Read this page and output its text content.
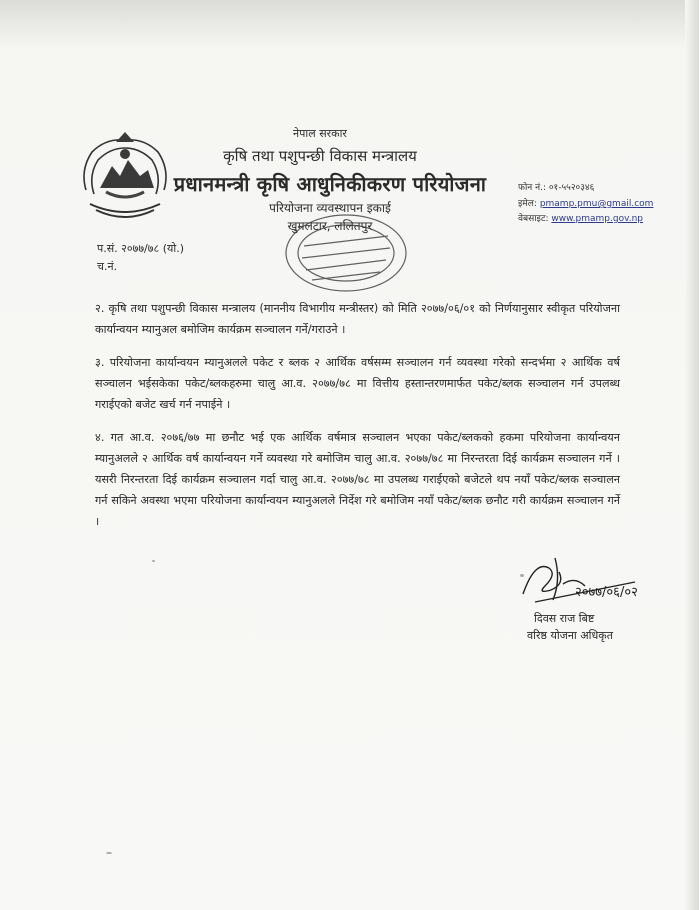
नेपाल सरकार
कृषि तथा पशुपन्छी विकास मन्त्रालय
प्रधानमन्त्री कृषि आधुनिकीकरण परियोजना
परियोजना व्यवस्थापन इकाई
खुमलटार, ललितपुर
फोन नं.: ०१-५५२०३४६
इमेल: pmamp.pmu@gmail.com
वेबसाइट: www.pmamp.gov.np
प.सं. २०७७/७८ (यो.)
च.नं.
२. कृषि तथा पशुपन्छी विकास मन्त्रालय (माननीय विभागीय मन्त्रीस्तर) को मिति २०७७/०६/०१ को निर्णयानुसार स्वीकृत परियोजना कार्यान्वयन म्यानुअल बमोजिम कार्यक्रम सञ्चालन गर्ने/गराउने ।
३. परियोजना कार्यान्वयन म्यानुअलले पकेट र ब्लक २ आर्थिक वर्षसम्म सञ्चालन गर्न व्यवस्था गरेको सन्दर्भमा २ आर्थिक वर्ष सञ्चालन भईसकेका पकेट/ब्लकहरुमा चालु आ.व. २०७७/७८ मा वित्तीय हस्तान्तरणमार्फत पकेट/ब्लक सञ्चालन गर्न उपलब्ध गराईएको बजेट खर्च गर्न नपाईने ।
४. गत आ.व. २०७६/७७ मा छनौट भई एक आर्थिक वर्षमात्र सञ्चालन भएका पकेट/ब्लकको हकमा परियोजना कार्यान्वयन म्यानुअलले २ आर्थिक वर्ष कार्यान्वयन गर्ने व्यवस्था गरे बमोजिम चालु आ.व. २०७७/७८ मा निरन्तरता दिई कार्यक्रम सञ्चालन गर्ने । यसरी निरन्तरता दिई कार्यक्रम सञ्चालन गर्दा चालु आ.व. २०७७/७८ मा उपलब्ध गराईएको बजेटले थप नयाँ पकेट/ब्लक सञ्चालन गर्न सकिने अवस्था भएमा परियोजना कार्यान्वयन म्यानुअलले निर्देश गरे बमोजिम नयाँ पकेट/ब्लक छनौट गरी कार्यक्रम सञ्चालन गर्ने ।
२०७७/०६/०२
दिवस राज बिष्ट
वरिष्ठ योजना अधिकृत
